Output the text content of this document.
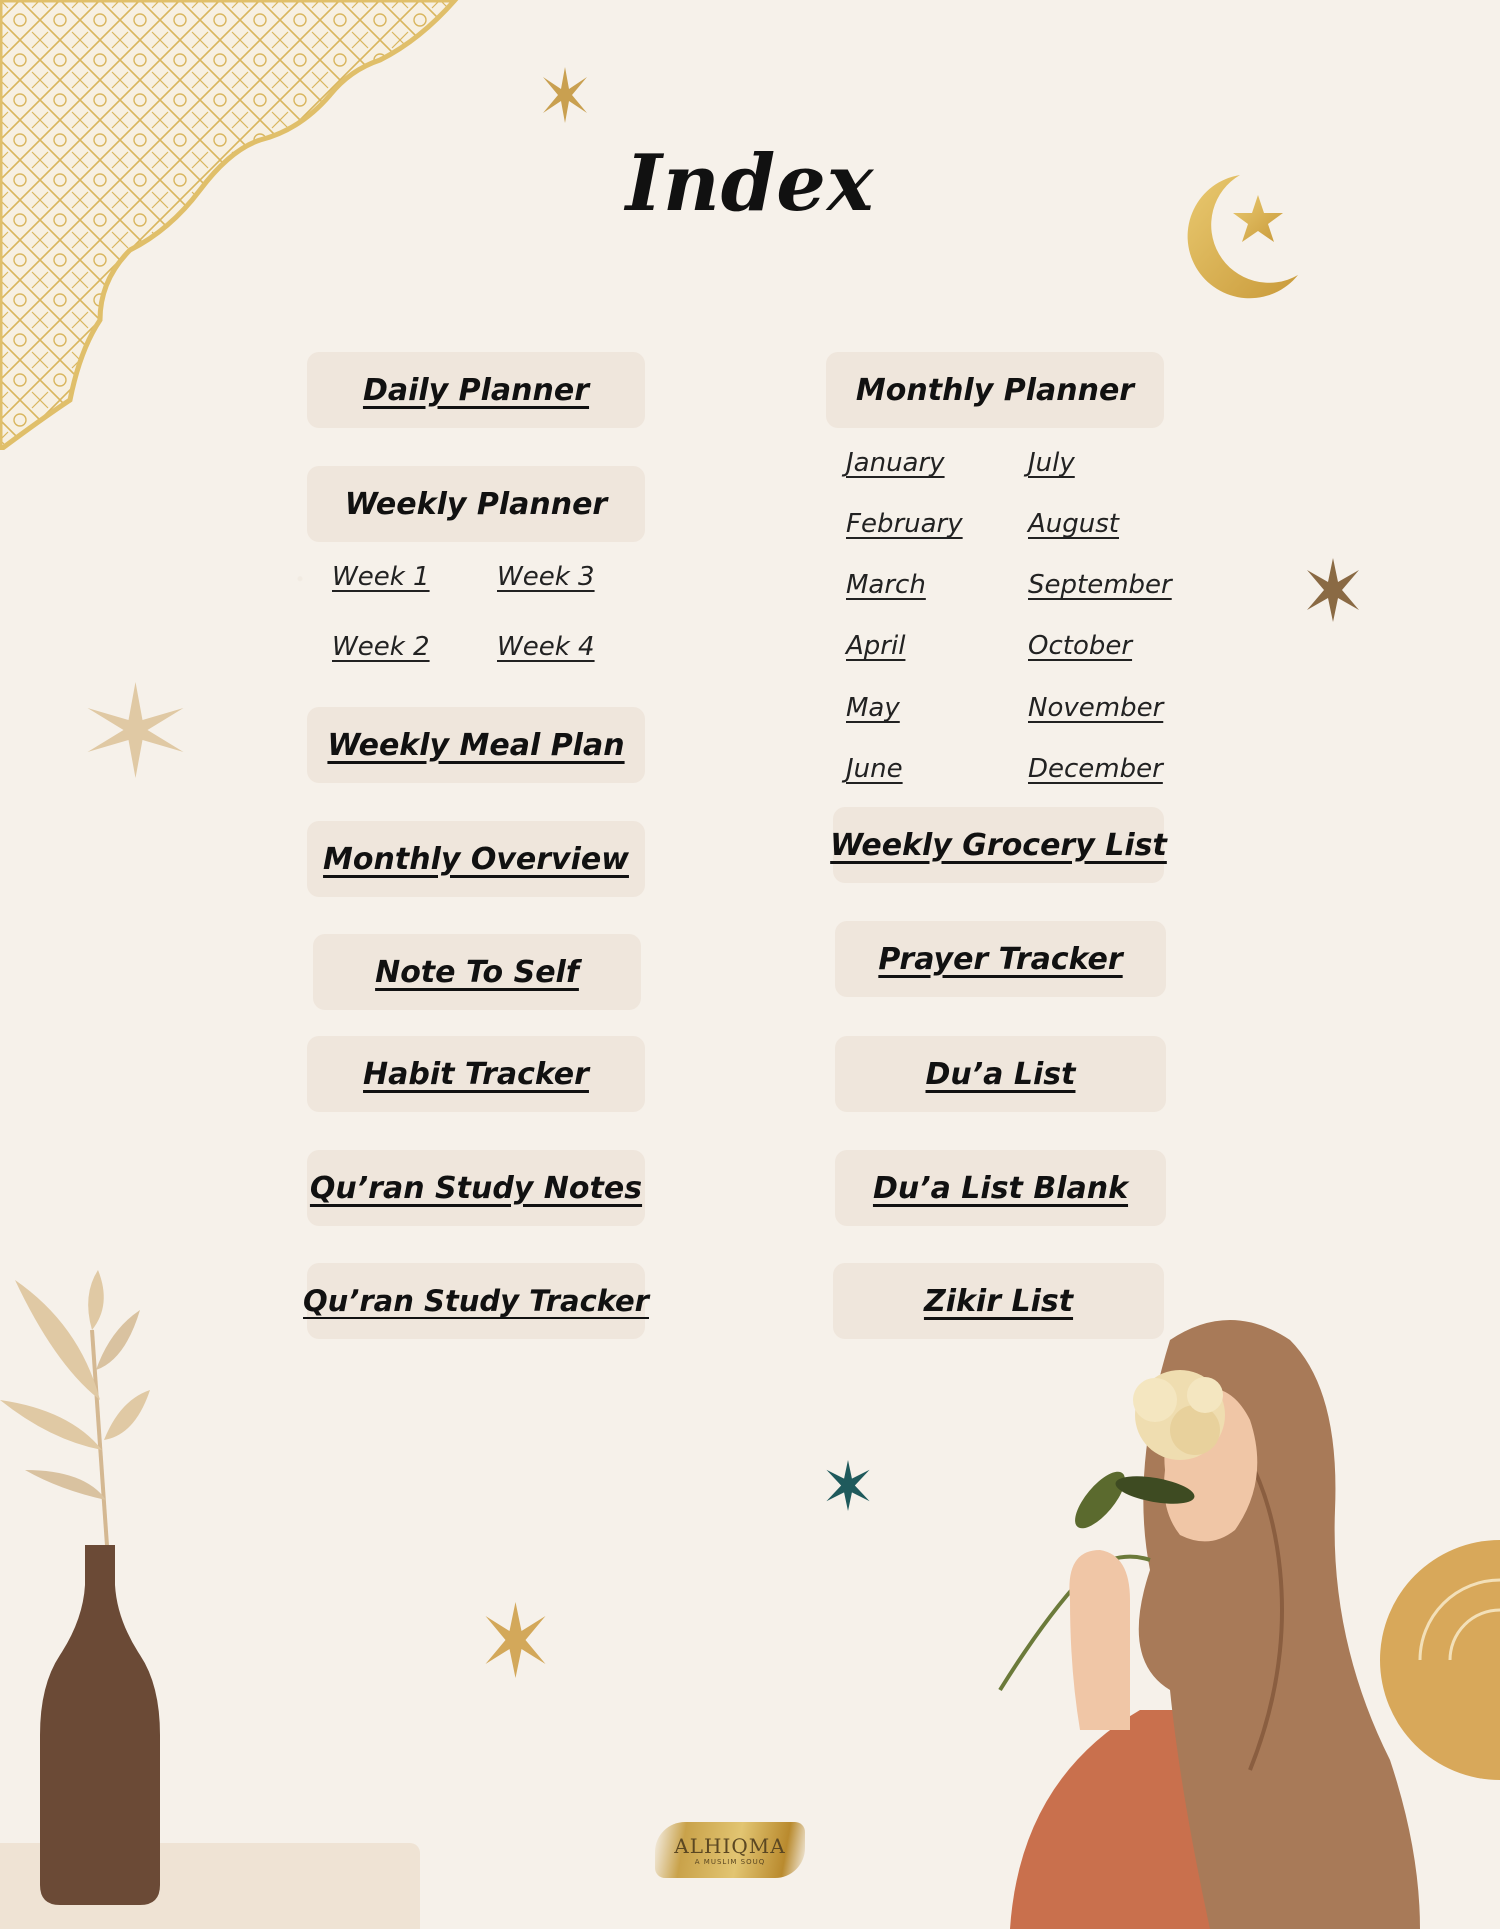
Index
Daily Planner
Weekly Planner
Week 1
Week 2
Week 3
Week 4
Weekly Meal Plan
Monthly Overview
Note To Self
Habit Tracker
Qu’ran Study Notes
Qu’ran Study Tracker
Monthly Planner
January
February
March
April
May
June
July
August
September
October
November
December
Weekly Grocery List
Prayer Tracker
Du’a List
Du’a List Blank
Zikir List
ALHIQMA
A MUSLIM SOUQ
